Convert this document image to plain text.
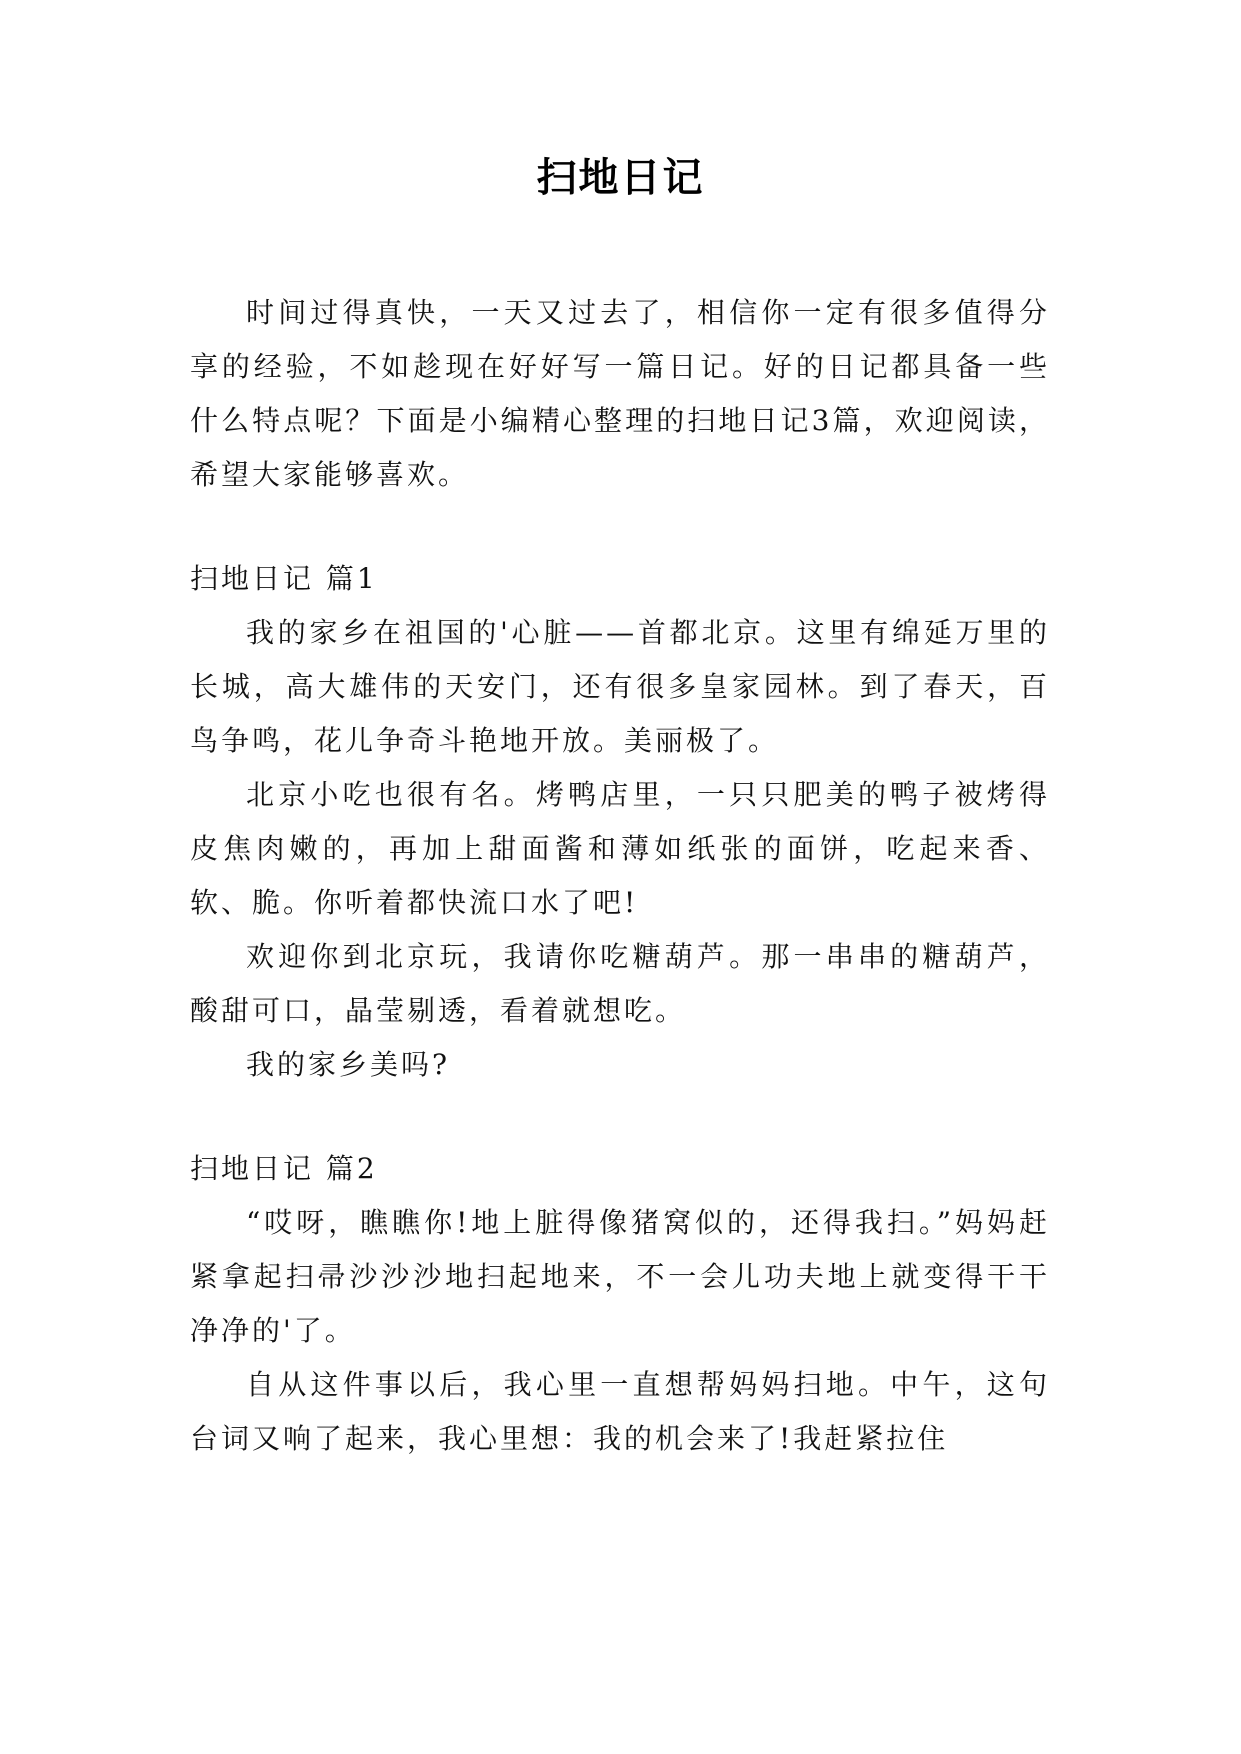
扫地日记

时间过得真快，一天又过去了，相信你一定有很多值得分享的经验，不如趁现在好好写一篇日记。好的日记都具备一些什么特点呢？下面是小编精心整理的扫地日记3篇，欢迎阅读，希望大家能够喜欢。

扫地日记 篇1

我的家乡在祖国的'心脏——首都北京。这里有绵延万里的长城，高大雄伟的天安门，还有很多皇家园林。到了春天，百鸟争鸣，花儿争奇斗艳地开放。美丽极了。

北京小吃也很有名。烤鸭店里，一只只肥美的鸭子被烤得皮焦肉嫩的，再加上甜面酱和薄如纸张的面饼，吃起来香、软、脆。你听着都快流口水了吧!

欢迎你到北京玩，我请你吃糖葫芦。那一串串的糖葫芦，酸甜可口，晶莹剔透，看着就想吃。

我的家乡美吗?

扫地日记 篇2

“哎呀，瞧瞧你!地上脏得像猪窝似的，还得我扫。”妈妈赶紧拿起扫帚沙沙沙地扫起地来，不一会儿功夫地上就变得干干净净的'了。

自从这件事以后，我心里一直想帮妈妈扫地。中午，这句台词又响了起来，我心里想：我的机会来了!我赶紧拉住
